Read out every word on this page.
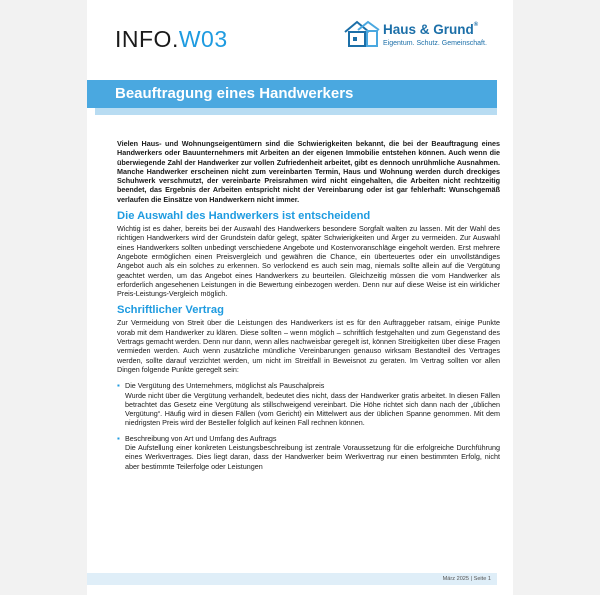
INFO.W03	Haus & Grund®
Eigentum. Schutz. Gemeinschaft.
Beauftragung eines Handwerkers

Vielen Haus- und Wohnungseigentümern sind die Schwierigkeiten bekannt, die bei der Beauftragung eines Handwerkers oder Bauunternehmers mit Arbeiten an der eigenen Immobilie entstehen können. Auch wenn die überwiegende Zahl der Handwerker zur vollen Zufriedenheit arbeitet, gibt es dennoch unrühmliche Ausnahmen. Manche Handwerker erscheinen nicht zum vereinbarten Termin, Haus und Wohnung werden durch dreckiges Schuhwerk verschmutzt, der vereinbarte Preisrahmen wird nicht eingehalten, die Arbeiten nicht rechtzeitig beendet, das Ergebnis der Arbeiten entspricht nicht der Vereinbarung oder ist gar fehlerhaft: Wunschgemäß verlaufen die Einsätze von Handwerkern nicht immer.

Die Auswahl des Handwerkers ist entscheidend

Wichtig ist es daher, bereits bei der Auswahl des Handwerkers besondere Sorgfalt walten zu lassen. Mit der Wahl des richtigen Handwerkers wird der Grundstein dafür gelegt, später Schwierigkeiten und Ärger zu vermeiden. Zur Auswahl eines Handwerkers sollten unbedingt verschiedene Angebote und Kostenvoranschläge eingeholt werden. Erst mehrere Angebote ermöglichen einen Preisvergleich und gewähren die Chance, ein überteuertes oder ein unvollständiges Angebot auch als ein solches zu erkennen. So verlockend es auch sein mag, niemals sollte allein auf die Vergütung geachtet werden, um das Angebot eines Handwerkers zu beurteilen. Gleichzeitig müssen die vom Handwerker als erforderlich angesehenen Leistungen in die Bewertung einbezogen werden. Denn nur auf diese Weise ist ein wirklicher Preis-Leistungs-Vergleich möglich.

Schriftlicher Vertrag

Zur Vermeidung von Streit über die Leistungen des Handwerkers ist es für den Auftraggeber ratsam, einige Punkte vorab mit dem Handwerker zu klären. Diese sollten – wenn möglich – schriftlich festgehalten und zum Gegenstand des Vertrags gemacht werden. Denn nur dann, wenn alles nachweisbar geregelt ist, können Streitigkeiten über diese Fragen vermieden werden. Auch wenn zusätzliche mündliche Vereinbarungen genauso wirksam Bestandteil des Vertrages werden, sollte darauf verzichtet werden, um nicht im Streitfall in Beweisnot zu geraten. Im Vertrag sollten vor allen Dingen folgende Punkte geregelt sein:

▪ Die Vergütung des Unternehmers, möglichst als Pauschalpreis

Wurde nicht über die Vergütung verhandelt, bedeutet dies nicht, dass der Handwerker gratis arbeitet. In diesen Fällen betrachtet das Gesetz eine Vergütung als stillschweigend vereinbart. Die Höhe richtet sich dann nach der „üblichen Vergütung“. Häufig wird in diesen Fällen (vom Gericht) ein Mittelwert aus der üblichen Spanne genommen. Mit dem niedrigsten Preis wird der Besteller folglich auf keinen Fall rechnen können.

▪ Beschreibung von Art und Umfang des Auftrags

Die Aufstellung einer konkreten Leistungsbeschreibung ist zentrale Voraussetzung für die erfolgreiche Durchführung eines Werkvertrages. Dies liegt daran, dass der Handwerker beim Werkvertrag nur einen bestimmten Erfolg, nicht aber bestimmte Teilerfolge oder Leistungen

März 2025 | Seite 1
